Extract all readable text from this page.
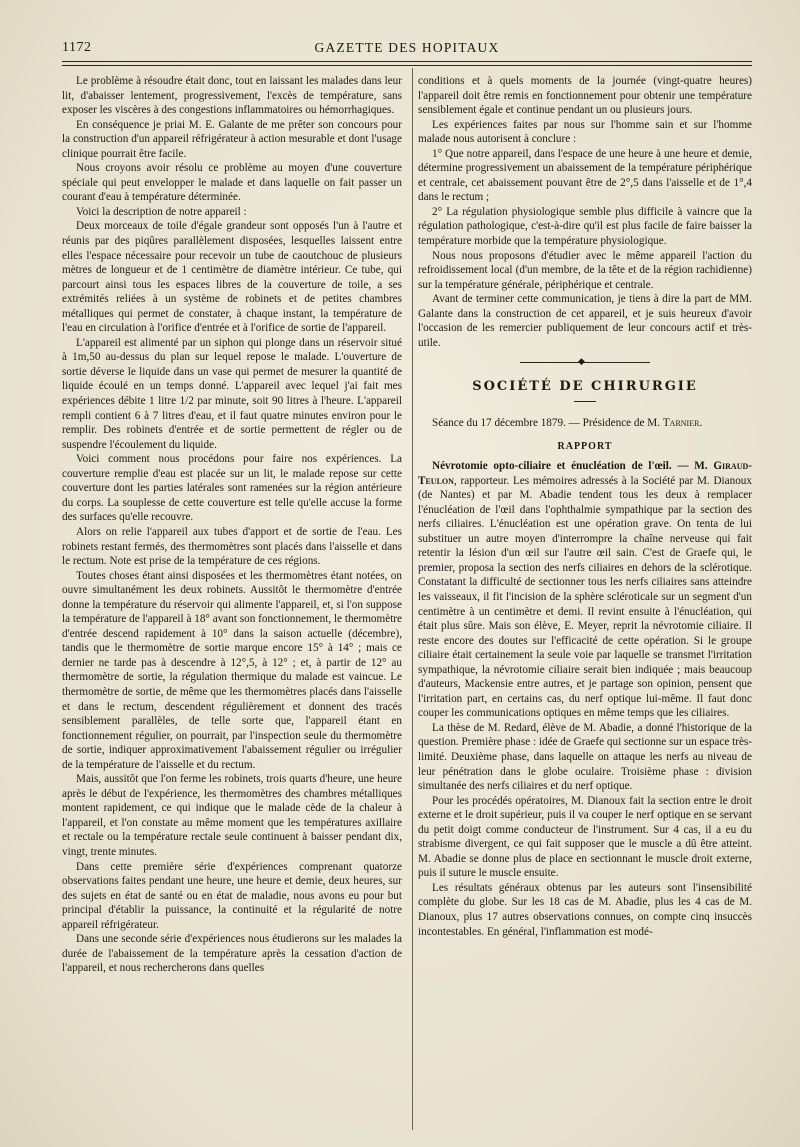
1172	GAZETTE DES HOPITAUX

Le problème à résoudre était donc, tout en laissant les malades dans leur lit, d'abaisser lentement, progressivement, l'excès de température, sans exposer les viscères à des congestions inflammatoires ou hémorrhagiques.

En conséquence je priai M. E. Galante de me prêter son concours pour la construction d'un appareil réfrigérateur à action mesurable et dont l'usage clinique pourrait être facile.

Nous croyons avoir résolu ce problème au moyen d'une couverture spéciale qui peut envelopper le malade et dans laquelle on fait passer un courant d'eau à température déterminée.

Voici la description de notre appareil :

Deux morceaux de toile d'égale grandeur sont opposés l'un à l'autre et réunis par des piqûres parallèlement disposées, lesquelles laissent entre elles l'espace nécessaire pour recevoir un tube de caoutchouc de plusieurs mètres de longueur et de 1 centimètre de diamètre intérieur. Ce tube, qui parcourt ainsi tous les espaces libres de la couverture de toile, a ses extrémités reliées à un système de robinets et de petites chambres métalliques qui permet de constater, à chaque instant, la température de l'eau en circulation à l'orifice d'entrée et à l'orifice de sortie de l'appareil.

L'appareil est alimenté par un siphon qui plonge dans un réservoir situé à 1m,50 au-dessus du plan sur lequel repose le malade. L'ouverture de sortie déverse le liquide dans un vase qui permet de mesurer la quantité de liquide écoulé en un temps donné. L'appareil avec lequel j'ai fait mes expériences débite 1 litre 1/2 par minute, soit 90 litres à l'heure. L'appareil rempli contient 6 à 7 litres d'eau, et il faut quatre minutes environ pour le remplir. Des robinets d'entrée et de sortie permettent de régler ou de suspendre l'écoulement du liquide.

Voici comment nous procédons pour faire nos expériences. La couverture remplie d'eau est placée sur un lit, le malade repose sur cette couverture dont les parties latérales sont ramenées sur la région antérieure du corps. La souplesse de cette couverture est telle qu'elle accuse la forme des surfaces qu'elle recouvre.

Alors on relie l'appareil aux tubes d'apport et de sortie de l'eau. Les robinets restant fermés, des thermomètres sont placés dans l'aisselle et dans le rectum. Note est prise de la température de ces régions.

Toutes choses étant ainsi disposées et les thermomètres étant notées, on ouvre simultanément les deux robinets. Aussitôt le thermomètre d'entrée donne la température du réservoir qui alimente l'appareil, et, si l'on suppose la température de l'appareil à 18° avant son fonctionnement, le thermomètre d'entrée descend rapidement à 10° dans la saison actuelle (décembre), tandis que le thermomètre de sortie marque encore 15° à 14° ; mais ce dernier ne tarde pas à descendre à 12°,5, à 12° ; et, à partir de 12° au thermomètre de sortie, la régulation thermique du malade est vaincue. Le thermomètre de sortie, de même que les thermomètres placés dans l'aisselle et dans le rectum, descendent régulièrement et donnent des tracés sensiblement parallèles, de telle sorte que, l'appareil étant en fonctionnement régulier, on pourrait, par l'inspection seule du thermomètre de sortie, indiquer approximativement l'abaissement régulier ou irrégulier de la température de l'aisselle et du rectum.

Mais, aussitôt que l'on ferme les robinets, trois quarts d'heure, une heure après le début de l'expérience, les thermomètres des chambres métalliques montent rapidement, ce qui indique que le malade cède de la chaleur à l'appareil, et l'on constate au même moment que les températures axillaire et rectale ou la température rectale seule continuent à baisser pendant dix, vingt, trente minutes.

Dans cette première série d'expériences comprenant quatorze observations faites pendant une heure, une heure et demie, deux heures, sur des sujets en état de santé ou en état de maladie, nous avons eu pour but principal d'établir la puissance, la continuité et la régularité de notre appareil réfrigérateur.

Dans une seconde série d'expériences nous étudierons sur les malades la durée de l'abaissement de la température après la cessation d'action de l'appareil, et nous rechercherons dans quelles

conditions et à quels moments de la journée (vingt-quatre heures) l'appareil doit être remis en fonctionnement pour obtenir une température sensiblement égale et continue pendant un ou plusieurs jours.

Les expériences faites par nous sur l'homme sain et sur l'homme malade nous autorisent à conclure :

1° Que notre appareil, dans l'espace de une heure à une heure et demie, détermine progressivement un abaissement de la température périphérique et centrale, cet abaissement pouvant être de 2°,5 dans l'aisselle et de 1°,4 dans le rectum ;

2° La régulation physiologique semble plus difficile à vaincre que la régulation pathologique, c'est-à-dire qu'il est plus facile de faire baisser la température morbide que la température physiologique.

Nous nous proposons d'étudier avec le même appareil l'action du refroidissement local (d'un membre, de la tête et de la région rachidienne) sur la température générale, périphérique et centrale.

Avant de terminer cette communication, je tiens à dire la part de MM. Galante dans la construction de cet appareil, et je suis heureux d'avoir l'occasion de les remercier publiquement de leur concours actif et très-utile.

◆
SOCIÉTÉ DE CHIRURGIE

Séance du 17 décembre 1879. — Présidence de M. Tarnier.

RAPPORT

Névrotomie opto-ciliaire et énucléation de l'œil. — M. Giraud-Teulon, rapporteur. Les mémoires adressés à la Société par M. Dianoux (de Nantes) et par M. Abadie tendent tous les deux à remplacer l'énucléation de l'œil dans l'ophthalmie sympathique par la section des nerfs ciliaires. L'énucléation est une opération grave. On tenta de lui substituer un autre moyen d'interrompre la chaîne nerveuse qui fait retentir la lésion d'un œil sur l'autre œil sain. C'est de Graefe qui, le premier, proposa la section des nerfs ciliaires en dehors de la sclérotique. Constatant la difficulté de sectionner tous les nerfs ciliaires sans atteindre les vaisseaux, il fit l'incision de la sphère scléroticale sur un segment d'un centimètre à un centimètre et demi. Il revint ensuite à l'énucléation, qui était plus sûre. Mais son élève, E. Meyer, reprit la névrotomie ciliaire. Il reste encore des doutes sur l'efficacité de cette opération. Si le groupe ciliaire était certainement la seule voie par laquelle se transmet l'irritation sympathique, la névrotomie ciliaire serait bien indiquée ; mais beaucoup d'auteurs, Mackensie entre autres, et je partage son opinion, pensent que l'irritation part, en certains cas, du nerf optique lui-même. Il faut donc couper les communications optiques en même temps que les ciliaires.

La thèse de M. Redard, élève de M. Abadie, a donné l'historique de la question. Première phase : idée de Graefe qui sectionne sur un espace très-limité. Deuxième phase, dans laquelle on attaque les nerfs au niveau de leur pénétration dans le globe oculaire. Troisième phase : division simultanée des nerfs ciliaires et du nerf optique.

Pour les procédés opératoires, M. Dianoux fait la section entre le droit externe et le droit supérieur, puis il va couper le nerf optique en se servant du petit doigt comme conducteur de l'instrument. Sur 4 cas, il a eu du strabisme divergent, ce qui fait supposer que le muscle a dû être atteint. M. Abadie se donne plus de place en sectionnant le muscle droit externe, puis il suture le muscle ensuite.

Les résultats généraux obtenus par les auteurs sont l'insensibilité complète du globe. Sur les 18 cas de M. Abadie, plus les 4 cas de M. Dianoux, plus 17 autres observations connues, on compte cinq insuccès incontestables. En général, l'inflammation est modé-
